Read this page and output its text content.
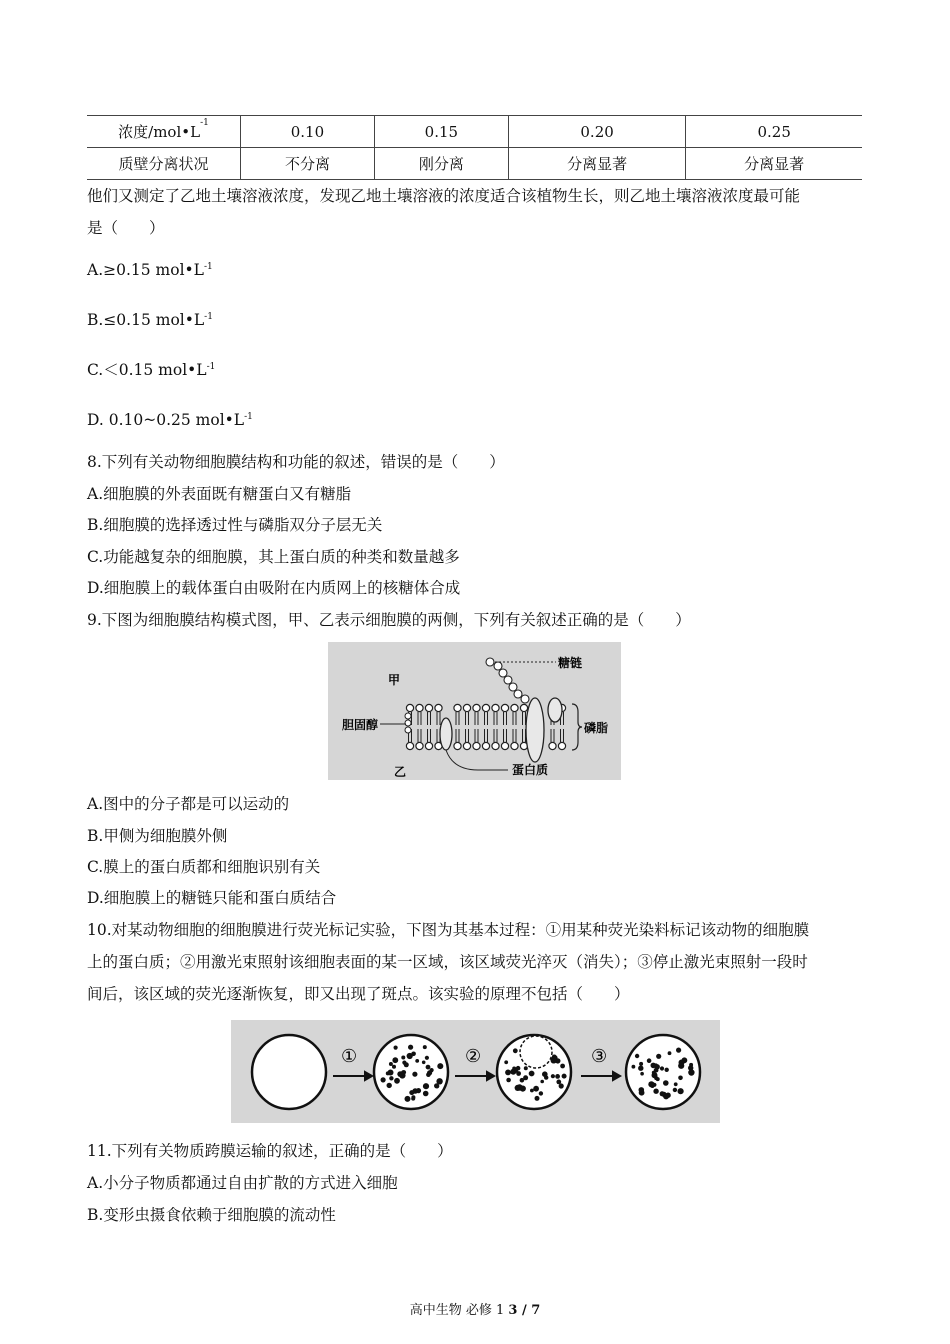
浓度$/mol•L^{-1}$	0.10	0.15	0.20	0.25
质壁分离状况	不分离	刚分离	分离显著	分离显著
他们又测定了乙地土壤溶液浓度，发现乙地土壤溶液的浓度适合该植物生长，则乙地土壤溶液浓度最可能
是（　　）
A.≥0.15 $mol•L^{-1}$
B.≤0.15 $mol•L^{-1}$
C.＜0.15 $mol•L^{-1}$
D. 0.10~0.25 $mol•L^{-1}$
8.下列有关动物细胞膜结构和功能的叙述，错误的是（　　）
A.细胞膜的外表面既有糖蛋白又有糖脂
B.细胞膜的选择透过性与磷脂双分子层无关
C.功能越复杂的细胞膜，其上蛋白质的种类和数量越多
D.细胞膜上的载体蛋白由吸附在内质网上的核糖体合成
9.下图为细胞膜结构模式图，甲、乙表示细胞膜的两侧，下列有关叙述正确的是（　　）
甲
乙
胆固醇
糖链
磷脂
蛋白质
A.图中的分子都是可以运动的
B.甲侧为细胞膜外侧
C.膜上的蛋白质都和细胞识别有关
D.细胞膜上的糖链只能和蛋白质结合
10.对某动物细胞的细胞膜进行荧光标记实验，下图为其基本过程：①用某种荧光染料标记该动物的细胞膜
上的蛋白质；②用激光束照射该细胞表面的某一区域，该区域荧光淬灭（消失）；③停止激光束照射一段时
间后，该区域的荧光逐渐恢复，即又出现了斑点。该实验的原理不包括（　　）
①	②	③
11.下列有关物质跨膜运输的叙述，正确的是（　　）
A.小分子物质都通过自由扩散的方式进入细胞
B.变形虫摄食依赖于细胞膜的流动性
高中生物 必修 1 3 / 7
